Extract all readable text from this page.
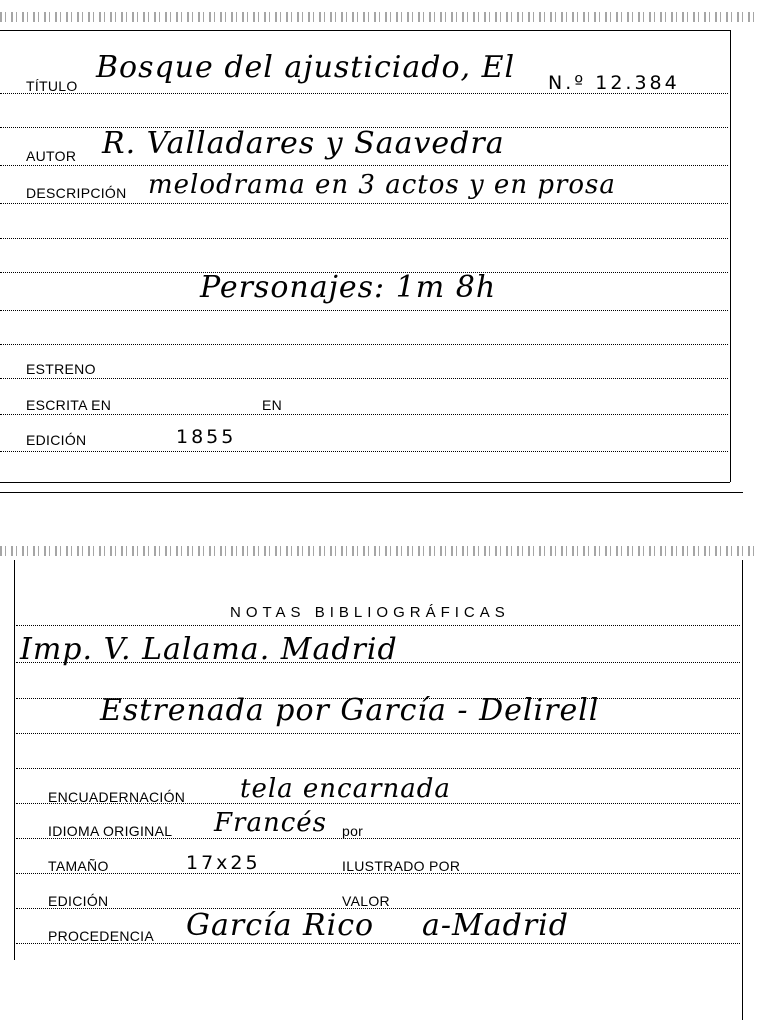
TÍTULO
Bosque del ajusticiado, El N.º 12.384
AUTOR R. Valladares y Saavedra
DESCRIPCIÓN melodrama en 3 actos y en prosa
Personajes: 1m 8h
ESTRENO
ESCRITA EN	EN
EDICIÓN	1855
NOTAS BIBLIOGRÁFICAS
Imp. V. Lalama. Madrid
Estrenada por García - Delirell
ENCUADERNACIÓN tela encarnada
IDIOMA ORIGINAL Francés por
TAMAÑO	17x25	ILUSTRADO POR
EDICIÓN	VALOR
PROCEDENCIA García Rico a-Madrid
